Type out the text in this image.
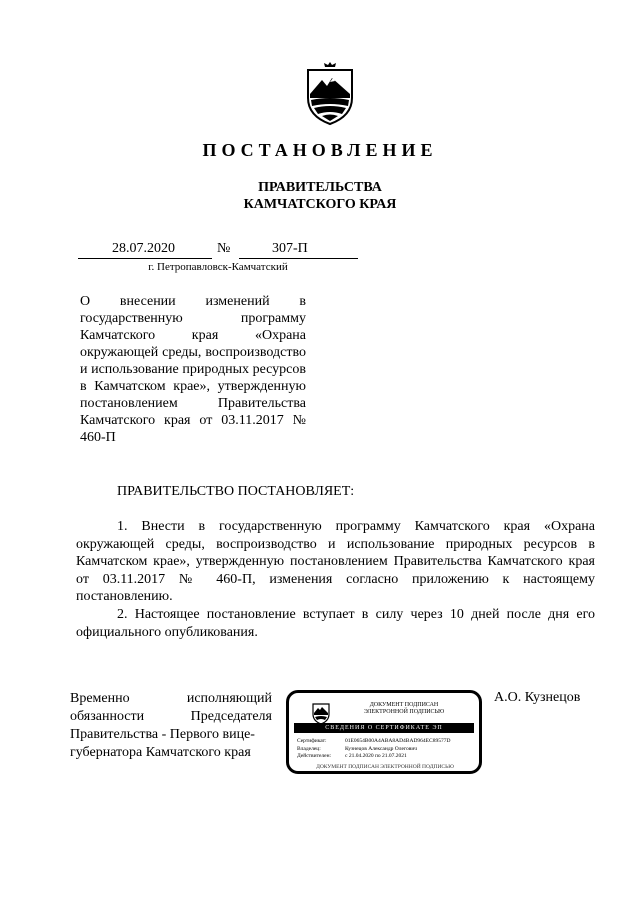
ПОСТАНОВЛЕНИЕ
ПРАВИТЕЛЬСТВА
КАМЧАТСКОГО КРАЯ
28.07.2020	№	307-П
г. Петропавловск-Камчатский
О внесении изменений в государственную программу Камчатского края «Охрана окружающей среды, воспроизводство и использование природных ресурсов в Камчатском крае», утвержденную постановлением Правительства Камчатского края от 03.11.2017 № 460-П
ПРАВИТЕЛЬСТВО ПОСТАНОВЛЯЕТ:
1. Внести в государственную программу Камчатского края «Охрана окружающей среды, воспроизводство и использование природных ресурсов в Камчатском крае», утвержденную постановлением Правительства Камчатского края от 03.11.2017 № 460-П, изменения согласно приложению к настоящему постановлению.
2. Настоящее постановление вступает в силу через 10 дней после дня его официального опубликования.
Временно	исполняющий
обязанности	Председателя
Правительства - Первого вице-
губернатора Камчатского края
ДОКУМЕНТ ПОДПИСАН
ЭЛЕКТРОННОЙ ПОДПИСЬЮ
СВЕДЕНИЯ О СЕРТИФИКАТЕ ЭП
Сертификат:	01E0654B00A4ABA8AD4BAD964EC89577D
Владелец:	Кузнецов Александр Олегович
Действителен:	с 21.04.2020 по 21.07.2021
ДОКУМЕНТ ПОДПИСАН ЭЛЕКТРОННОЙ ПОДПИСЬЮ
А.О. Кузнецов
